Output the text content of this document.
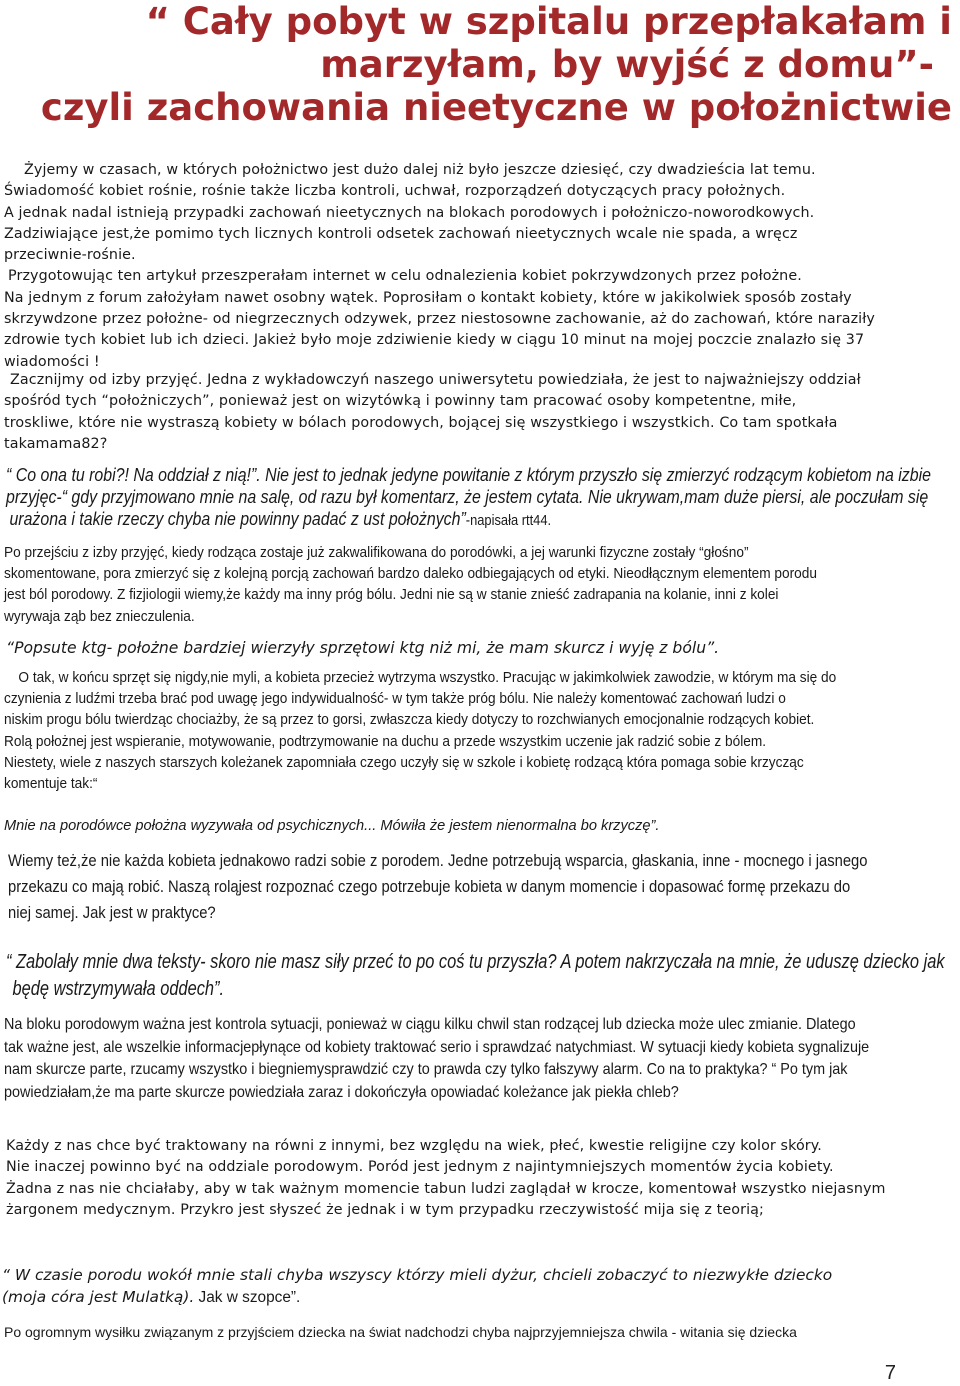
“ Cały pobyt w szpitalu przepłakałam i
marzyłam, by wyjść z domu”-
czyli zachowania nieetyczne w położnictwie
Żyjemy w czasach, w których położnictwo jest dużo dalej niż było jeszcze dziesięć, czy dwadzieścia lat temu.
Świadomość kobiet rośnie, rośnie także liczba kontroli, uchwał, rozporządzeń dotyczących pracy położnych.
A jednak nadal istnieją przypadki zachowań nieetycznych na blokach porodowych i położniczo-noworodkowych.
Zadziwiające jest,że pomimo tych licznych kontroli odsetek zachowań nieetycznych wcale nie spada, a wręcz
przeciwnie-rośnie.
Przygotowując ten artykuł przeszperałam internet w celu odnalezienia kobiet pokrzywdzonych przez położne.
Na jednym z forum założyłam nawet osobny wątek. Poprosiłam o kontakt kobiety, które w jakikolwiek sposób zostały
skrzywdzone przez położne- od niegrzecznych odzywek, przez niestosowne zachowanie, aż do zachowań, które naraziły
zdrowie tych kobiet lub ich dzieci. Jakież było moje zdziwienie kiedy w ciągu 10 minut na mojej poczcie znalazło się 37
wiadomości !
Zacznijmy od izby przyjęć. Jedna z wykładowczyń naszego uniwersytetu powiedziała, że jest to najważniejszy oddział
spośród tych “położniczych”, ponieważ jest on wizytówką i powinny tam pracować osoby kompetentne, miłe,
troskliwe, które nie wystraszą kobiety w bólach porodowych, bojącej się wszystkiego i wszystkich. Co tam spotkała
takamama82?
“ Co ona tu robi?! Na oddział z nią!”. Nie jest to jednak jedyne powitanie z którym przyszło się zmierzyć rodzącym kobietom na izbie
przyjęc-“ gdy przyjmowano mnie na salę, od razu był komentarz, że jestem cytata. Nie ukrywam,mam duże piersi, ale poczułam się
urażona i takie rzeczy chyba nie powinny padać z ust położnych”-napisała rtt44.
Po przejściu z izby przyjęć, kiedy rodząca zostaje już zakwalifikowana do porodówki, a jej warunki fizyczne zostały “głośno”
skomentowane, pora zmierzyć się z kolejną porcją zachowań bardzo daleko odbiegających od etyki. Nieodłącznym elementem porodu
jest ból porodowy. Z fizjiologii wiemy,że każdy ma inny próg bólu. Jedni nie są w stanie znieść zadrapania na kolanie, inni z kolei
wyrywaja ząb bez znieczulenia.
“Popsute ktg- położne bardziej wierzyły sprzętowi ktg niż mi, że mam skurcz i wyję z bólu”.
O tak, w końcu sprzęt się nigdy,nie myli, a kobieta przecież wytrzyma wszystko. Pracując w jakimkolwiek zawodzie, w którym ma się do
czynienia z ludźmi trzeba brać pod uwagę jego indywidualność- w tym także próg bólu. Nie należy komentować zachowań ludzi o
niskim progu bólu twierdząc chociażby, że są przez to gorsi, zwłaszcza kiedy dotyczy to rozchwianych emocjonalnie rodzących kobiet.
Rolą położnej jest wspieranie, motywowanie, podtrzymowanie na duchu a przede wszystkim uczenie jak radzić sobie z bólem.
Niestety, wiele z naszych starszych koleżanek zapomniała czego uczyły się w szkole i kobietę rodzącą która pomaga sobie krzycząc
komentuje tak:“
Mnie na porodówce położna wyzywała od psychicznych... Mówiła że jestem nienormalna bo krzyczę”.
Wiemy też,że nie każda kobieta jednakowo radzi sobie z porodem. Jedne potrzebują wsparcia, głaskania, inne - mocnego i jasnego
przekazu co mają robić. Naszą roląjest rozpoznać czego potrzebuje kobieta w danym momencie i dopasować formę przekazu do
niej samej. Jak jest w praktyce?
“ Zabolały mnie dwa teksty- skoro nie masz siły przeć to po coś tu przyszła? A potem nakrzyczała na mnie, że uduszę dziecko jak
będę wstrzymywała oddech”.
Na bloku porodowym ważna jest kontrola sytuacji, ponieważ w ciągu kilku chwil stan rodzącej lub dziecka może ulec zmianie. Dlatego
tak ważne jest, ale wszelkie informacjepłynące od kobiety traktować serio i sprawdzać natychmiast. W sytuacji kiedy kobieta sygnalizuje
nam skurcze parte, rzucamy wszystko i biegniemysprawdzić czy to prawda czy tylko fałszywy alarm. Co na to praktyka? “ Po tym jak
powiedziałam,że ma parte skurcze powiedziała zaraz i dokończyła opowiadać koleżance jak piekła chleb?
Każdy z nas chce być traktowany na równi z innymi, bez względu na wiek, płeć, kwestie religijne czy kolor skóry.
Nie inaczej powinno być na oddziale porodowym. Poród jest jednym z najintymniejszych momentów życia kobiety.
Żadna z nas nie chciałaby, aby w tak ważnym momencie tabun ludzi zaglądał w krocze, komentował wszystko niejasnym
żargonem medycznym. Przykro jest słyszeć że jednak i w tym przypadku rzeczywistość mija się z teorią;
“ W czasie porodu wokół mnie stali chyba wszyscy którzy mieli dyżur, chcieli zobaczyć to niezwykłe dziecko
(moja córa jest Mulatką). Jak w szopce”.
Po ogromnym wysiłku związanym z przyjściem dziecka na świat nadchodzi chyba najprzyjemniejsza chwila - witania się dziecka
7
